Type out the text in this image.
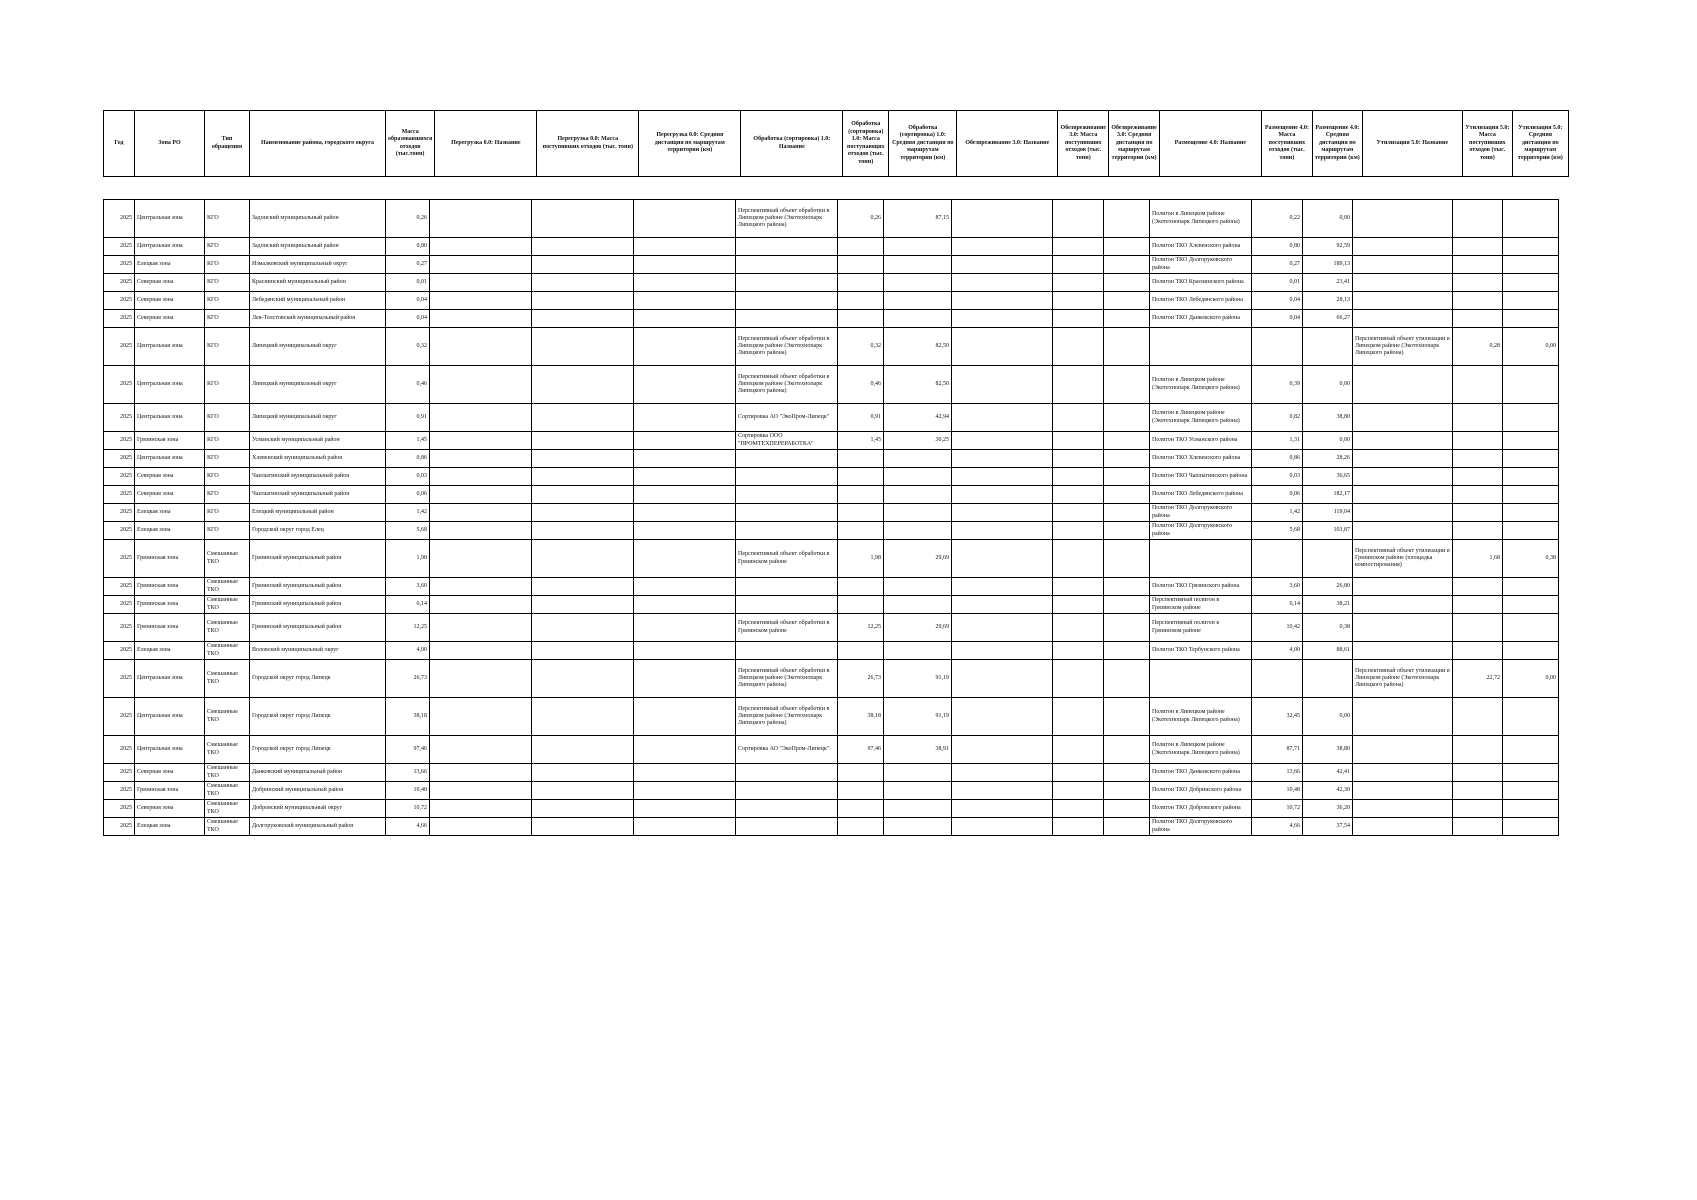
Год	Зона РО	Тип обращения	Наименование района, городского округа	Масса образовавшихся отходов (тыс.тонн)	Перегрузка 0.0: Название	Перегрузка 0.0: Масса поступивших отходов (тыс. тонн)	Перегрузка 0.0: Средняя дистанция по маршрутам территории (км)	Обработка (сортировка) 1.0: Название	Обработка (сортировка) 1.0: Масса поступающих отходов (тыс. тонн)	Обработка (сортировка) 1.0: Средняя дистанция по маршрутам территории (км)	Обезвреживание 3.0: Название	Обезвреживание 3.0: Масса поступивших отходов (тыс. тонн)	Обезвреживание 3.0: Средняя дистанция по маршрутам территории (км)	Размещение 4.0: Название	Размещение 4.0: Масса поступивших отходов (тыс. тонн)	Размещение 4.0: Средняя дистанция по маршрутам территории (км)	Утилизация 5.0: Название	Утилизация 5.0: Масса поступивших отходов (тыс. тонн)	Утилизация 5.0: Средняя дистанция по маршрутам территории (км)
2025	Центральная зона	КГО	Задонский муниципальный район	0,26				Перспективный объект обработки в Липецком районе (Экотехнопарк Липецкого района)	0,26	87,15				Полигон в Липецком районе (Экотехнопарк Липецкого района)	0,22	0,00			
2025	Центральная зона	КГО	Задонский муниципальный район	0,80										Полигон ТКО Хлевенского района	0,80	92,59			
2025	Елецкая зона	КГО	Измалковский муниципальный округ	0,27										Полигон ТКО Долгоруковского района	0,27	189,13			
2025	Северная зона	КГО	Краснинский муниципальный район	0,01										Полигон ТКО Краснинского района	0,01	23,41			
2025	Северная зона	КГО	Лебедянский муниципальный район	0,04										Полигон ТКО Лебедянского района	0,04	28,13			
2025	Северная зона	КГО	Лев-Толстовский муниципальный район	0,04										Полигон ТКО Данковского района	0,04	66,27			
2025	Центральная зона	КГО	Липецкий муниципальный округ	0,32				Перспективный объект обработки в Липецком районе (Экотехнопарк Липецкого района)	0,32	82,50							Перспективный объект утилизации в Липецком районе (Экотехнопарк Липецкого района)	0,28	0,00
2025	Центральная зона	КГО	Липецкий муниципальный округ	0,46				Перспективный объект обработки в Липецком районе (Экотехнопарк Липецкого района)	0,46	82,50				Полигон в Липецком районе (Экотехнопарк Липецкого района)	0,39	0,00			
2025	Центральная зона	КГО	Липецкий муниципальный округ	0,91				Сортировка АО "ЭкоПром-Липецк"	0,91	42,94				Полигон в Липецком районе (Экотехнопарк Липецкого района)	0,82	38,80			
2025	Грязинская зона	КГО	Усманский муниципальный район	1,45				Сортировка ООО "ПРОМТЕХПЕРЕРАБОТКА"	1,45	30,25				Полигон ТКО Усманского района	1,31	0,00			
2025	Центральная зона	КГО	Хлевенский муниципальный район	0,86										Полигон ТКО Хлевенского района	0,86	28,26			
2025	Северная зона	КГО	Чаплыгинский муниципальный район	0,03										Полигон ТКО Чаплыгинского района	0,03	36,65			
2025	Северная зона	КГО	Чаплыгинский муниципальный район	0,06										Полигон ТКО Лебедянского района	0,06	182,17			
2025	Елецкая зона	КГО	Елецкий муниципальный район	1,42										Полигон ТКО Долгоруковского района	1,42	119,04			
2025	Елецкая зона	КГО	Городской округ город Елец	5,68										Полигон ТКО Долгоруковского района	5,68	103,87			
2025	Грязинская зона	Смешанные ТКО	Грязинский муниципальный район	1,98				Перспективный объект обработки в Грязинском районе	1,98	29,69							Перспективный объект утилизации в Грязинском районе (площадка компостирования)	1,68	0,38
2025	Грязинская зона	Смешанные ТКО	Грязинский муниципальный район	3,60										Полигон ТКО Грязинского района	3,60	26,80			
2025	Грязинская зона	Смешанные ТКО	Грязинский муниципальный район	6,14										Перспективный полигон в Грязинском районе	6,14	38,21			
2025	Грязинская зона	Смешанные ТКО	Грязинский муниципальный район	12,25				Перспективный объект обработки в Грязинском районе	12,25	29,69				Перспективный полигон в Грязинском районе	10,42	0,38			
2025	Елецкая зона	Смешанные ТКО	Воловский муниципальный округ	4,00										Полигон ТКО Тербунского района	4,00	88,61			
2025	Центральная зона	Смешанные ТКО	Городской округ город Липецк	26,73				Перспективный объект обработки в Липецком районе (Экотехнопарк Липецкого района)	26,73	91,19							Перспективный объект утилизации в Липецком районе (Экотехнопарк Липецкого района)	22,72	0,00
2025	Центральная зона	Смешанные ТКО	Городской округ город Липецк	38,18				Перспективный объект обработки в Липецком районе (Экотехнопарк Липецкого района)	38,18	91,19				Полигон в Липецком районе (Экотехнопарк Липецкого района)	32,45	0,00			
2025	Центральная зона	Смешанные ТКО	Городской округ город Липецк	97,46				Сортировка АО "ЭкоПром-Липецк"	97,46	38,91				Полигон в Липецком районе (Экотехнопарк Липецкого района)	87,71	38,80			
2025	Северная зона	Смешанные ТКО	Данковский муниципальный район	13,66										Полигон ТКО Данковского района	13,66	42,41			
2025	Грязинская зона	Смешанные ТКО	Добринский муниципальный район	10,48										Полигон ТКО Добринского района	10,48	42,30			
2025	Северная зона	Смешанные ТКО	Добровский муниципальный округ	10,72										Полигон ТКО Добровского района	10,72	36,20			
2025	Елецкая зона	Смешанные ТКО	Долгоруковский муниципальный район	4,66										Полигон ТКО Долгоруковского района	4,66	37,54			
